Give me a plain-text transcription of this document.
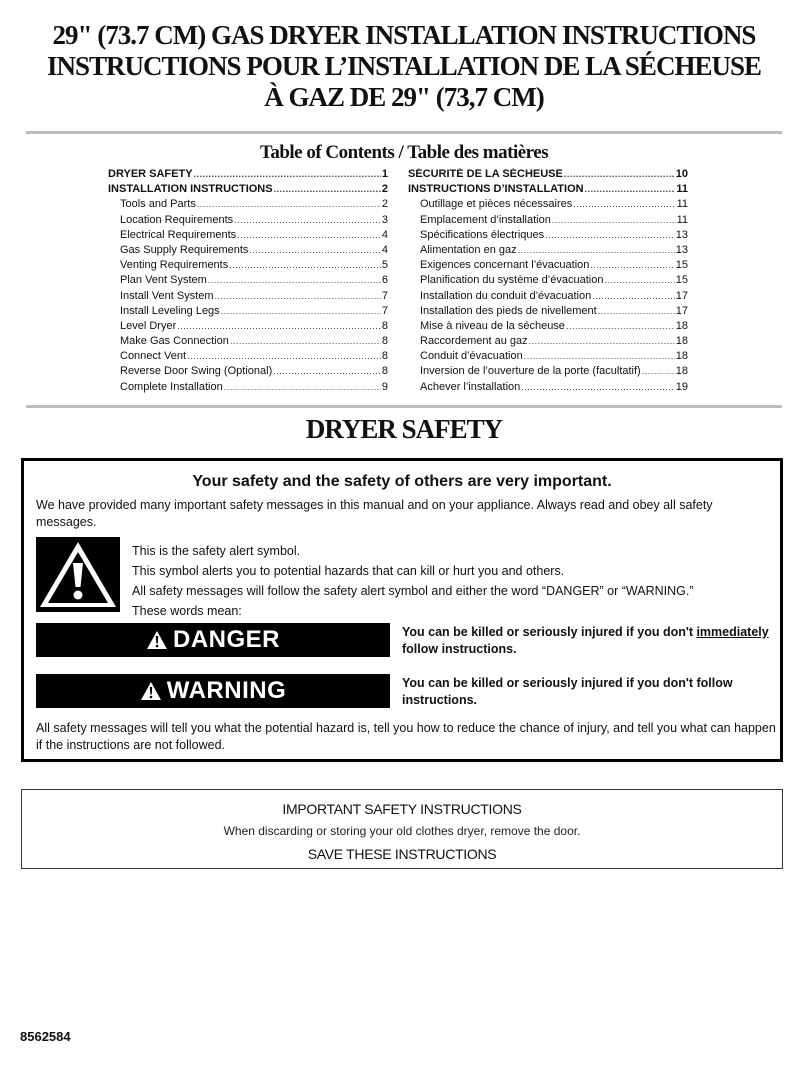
29" (73.7 CM) GAS DRYER INSTALLATION INSTRUCTIONS
INSTRUCTIONS POUR L’INSTALLATION DE LA SÉCHEUSE
À GAZ DE 29" (73,7 CM)
Table of Contents / Table des matières
DRYER SAFETY .....	1
INSTALLATION INSTRUCTIONS .....	2
Tools and Parts .....	2
Location Requirements .....	3
Electrical Requirements .....	4
Gas Supply Requirements .....	4
Venting Requirements .....	5
Plan Vent System .....	6
Install Vent System .....	7
Install Leveling Legs .....	7
Level Dryer .....	8
Make Gas Connection .....	8
Connect Vent .....	8
Reverse Door Swing (Optional) .....	8
Complete Installation .....	9
SÉCURITÉ DE LA SÉCHEUSE .....	10
INSTRUCTIONS D’INSTALLATION .....	11
Outillage et pièces nécessaires .....	11
Emplacement d’installation .....	11
Spécifications électriques .....	13
Alimentation en gaz .....	13
Exigences concernant l’évacuation .....	15
Planification du système d’évacuation .....	15
Installation du conduit d’évacuation .....	17
Installation des pieds de nivellement .....	17
Mise à niveau de la sécheuse .....	18
Raccordement au gaz .....	18
Conduit d’évacuation .....	18
Inversion de l’ouverture de la porte (facultatif) .....	18
Achever l’installation .....	19
DRYER SAFETY
Your safety and the safety of others are very important.
We have provided many important safety messages in this manual and on your appliance. Always read and obey all safety messages.
This is the safety alert symbol.
This symbol alerts you to potential hazards that can kill or hurt you and others.
All safety messages will follow the safety alert symbol and either the word “DANGER” or “WARNING.”
These words mean:
DANGER	You can be killed or seriously injured if you don't immediately follow instructions.
WARNING	You can be killed or seriously injured if you don't follow instructions.
All safety messages will tell you what the potential hazard is, tell you how to reduce the chance of injury, and tell you what can happen if the instructions are not followed.
IMPORTANT SAFETY INSTRUCTIONS
When discarding or storing your old clothes dryer, remove the door.
SAVE THESE INSTRUCTIONS
8562584
